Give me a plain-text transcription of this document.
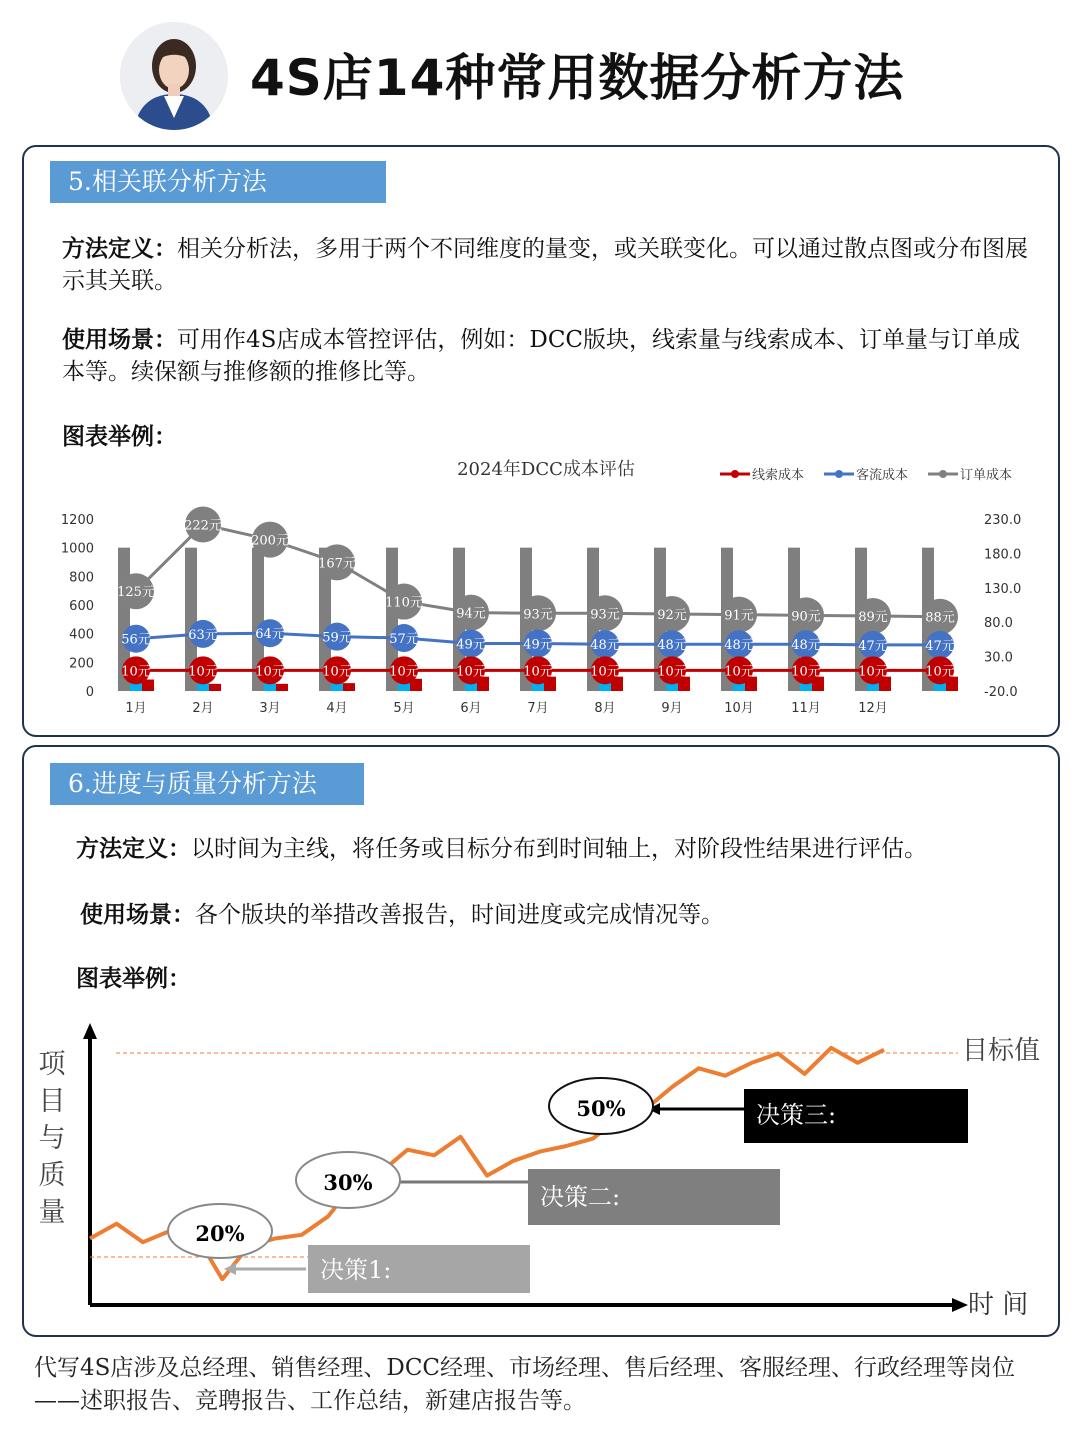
4S店14种常用数据分析方法
5.相关联分析方法
方法定义：相关分析法，多用于两个不同维度的量变，或关联变化。可以通过散点图或分布图展示其关联。
使用场景：可用作4S店成本管控评估，例如：DCC版块，线索量与线索成本、订单量与订单成本等。续保额与推修额的推修比等。
图表举例：
2024年DCC成本评估	线索成本	客流成本	订单成本
1200
1000
800
600
400
200
0
230.0
180.0
130.0
80.0
30.0
-20.0
125元
222元
200元
167元
110元
94元	93元	93元	92元	91元	90元	89元	88元
56元	63元	64元	59元	57元	49元	49元	48元	48元	48元	48元	47元	47元
10元	10元	10元	10元	10元	10元	10元	10元	10元	10元	10元	10元	10元
1月	2月	3月	4月	5月	6月	7月	8月	9月	10月	11月	12月
6.进度与质量分析方法
方法定义：以时间为主线，将任务或目标分布到时间轴上，对阶段性结果进行评估。
使用场景：各个版块的举措改善报告，时间进度或完成情况等。
图表举例：
项
目
与
质
量
时 间
目标值
20%
30%
50%
决策1:
决策二:
决策三:
代写4S店涉及总经理、销售经理、DCC经理、市场经理、售后经理、客服经理、行政经理等岗位——述职报告、竞聘报告、工作总结，新建店报告等。
